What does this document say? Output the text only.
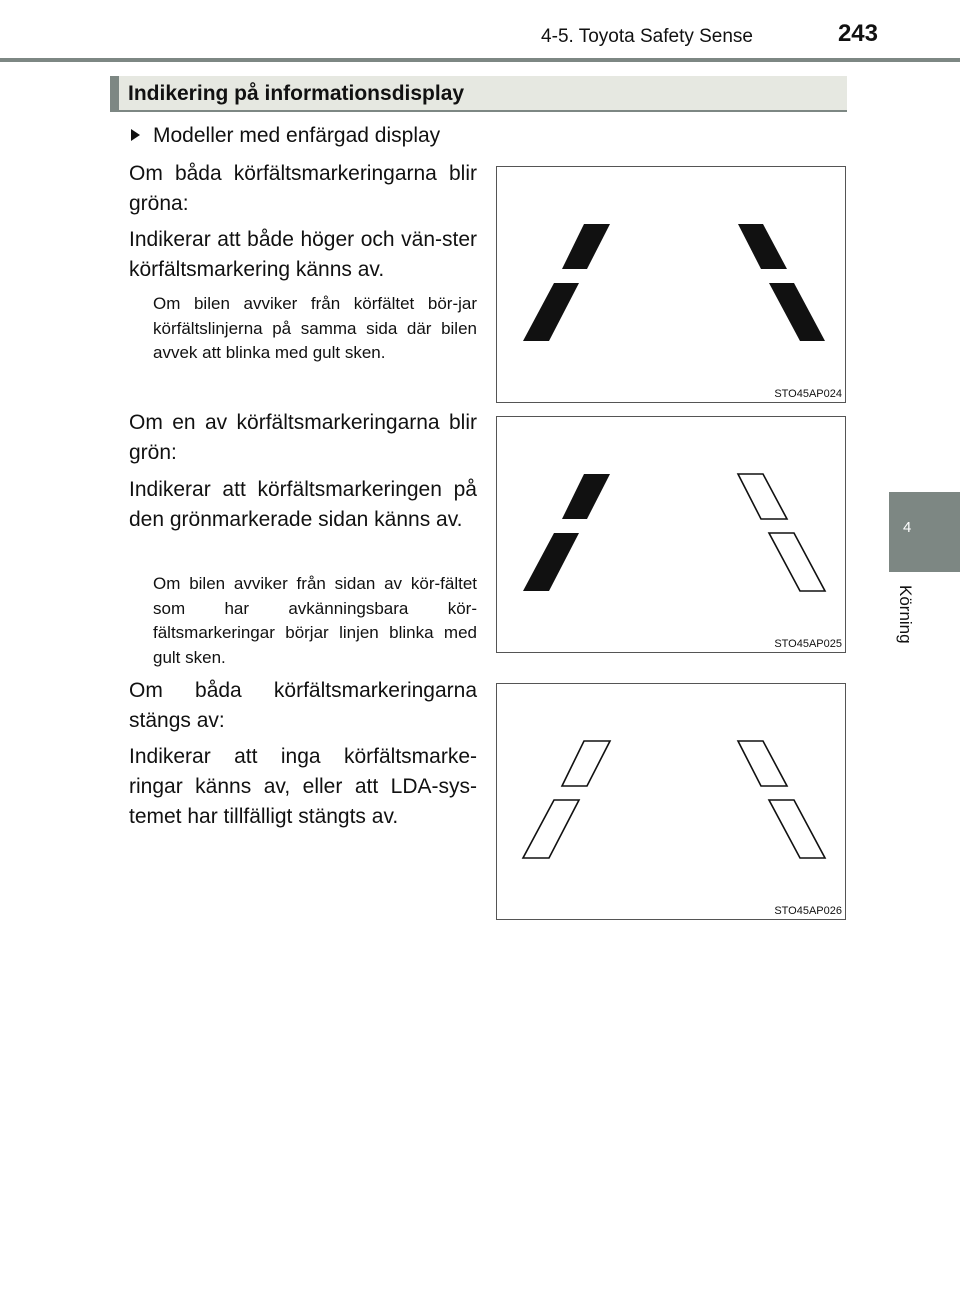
4-5. Toyota Safety Sense	243
Indikering på informationsdisplay
Modeller med enfärgad display
Om båda körfältsmarkeringarna blir gröna:
Indikerar att både höger och vän-ster körfältsmarkering känns av.
Om bilen avviker från körfältet bör-jar körfältslinjerna på samma sida där bilen avvek att blinka med gult sken.
Om en av körfältsmarkeringarna blir grön:
Indikerar att körfältsmarkeringen på den grönmarkerade sidan känns av.
Om bilen avviker från sidan av kör-fältet som har avkänningsbara kör-fältsmarkeringar börjar linjen blinka med gult sken.
Om båda körfältsmarkeringarna stängs av:
Indikerar att inga körfältsmarke-ringar känns av, eller att LDA-sys-temet har tillfälligt stängts av.
STO45AP024
STO45AP025
STO45AP026
4
Körning
